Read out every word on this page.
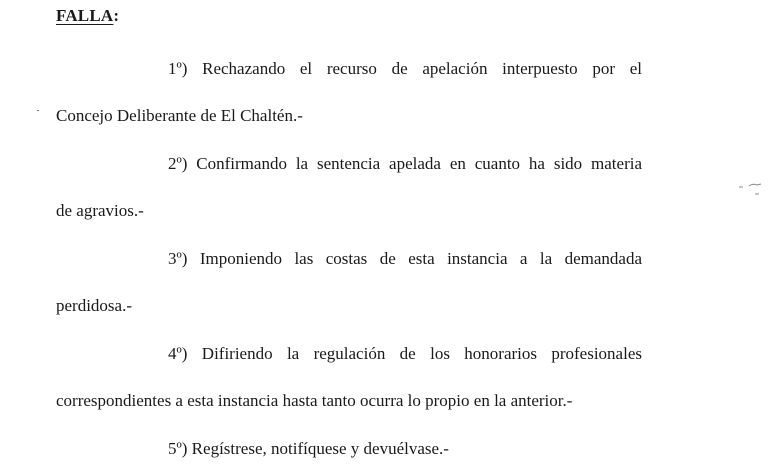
FALLA:
1º) Rechazando el recurso de apelación interpuesto por el
Concejo Deliberante de El Chaltén.-
2º) Confirmando la sentencia apelada en cuanto ha sido materia
de agravios.-
3º) Imponiendo las costas de esta instancia a la demandada
perdidosa.-
4º) Difiriendo la regulación de los honorarios profesionales
correspondientes a esta instancia hasta tanto ocurra lo propio en la anterior.-
5º) Regístrese, notifíquese y devuélvase.-
